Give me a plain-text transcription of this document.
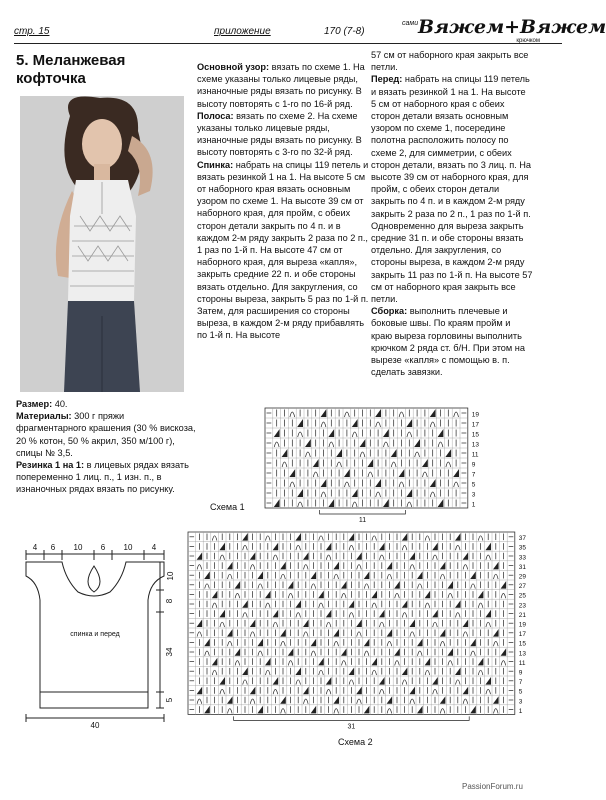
стр. 15	приложение	170 (7-8)
сами Вяжем+Вяжем
крючком
5. Меланжевая кофточка

Основной узор: вязать по схеме 1. На схеме указаны только лицевые ряды, изнаночные ряды вязать по рисунку. В высоту повторять с 1-го по 16-й ряд.

Полоса: вязать по схеме 2. На схеме указаны только лицевые ряды, изнаночные ряды вязать по рисунку. В высоту повторять с 3-го по 32-й ряд.

Спинка: набрать на спицы 119 петель и вязать резинкой 1 на 1. На высоте 5 см от наборного края вязать основным узором по схеме 1. На высоте 39 см от наборного края, для пройм, с обеих сторон детали закрыть по 4 п. и в каждом 2-м ряду закрыть 2 раза по 2 п., 1 раз по 1-й п. На высоте 47 см от наборного края, для выреза «капля», закрыть средние 22 п. и обе стороны вязать отдельно. Для закругления, со стороны выреза, закрыть 5 раз по 1-й п. Затем, для расширения со стороны выреза, в каждом 2-м ряду прибавлять по 1-й п. На высоте

57 см от наборного края закрыть все петли.

Перед: набрать на спицы 119 петель и вязать резинкой 1 на 1. На высоте 5 см от наборного края с обеих сторон детали вязать основным узором по схеме 1, посередине полотна расположить полосу по схеме 2, для симметрии, с обеих сторон детали, вязать по 3 лиц. п. На высоте 39 см от наборного края, для пройм, с обеих сторон детали закрыть по 4 п. и в каждом 2-м ряду закрыть 2 раза по 2 п., 1 раз по 1-й п. Одновременно для выреза закрыть средние 31 п. и обе стороны вязать отдельно. Для закругления, со стороны выреза, в каждом 2-м ряду закрыть 11 раз по 1-й п. На высоте 57 см от наборного края закрыть все петли.

Сборка: выполнить плечевые и боковые швы. По краям пройм и краю выреза горловины выполнить крючком 2 ряда ст. б/Н. При этом на вырезе «капля» с помощью в. п. сделать завязки.

Размер: 40.

Материалы: 300 г пряжи фрагментарного крашения (30 % вискоза, 20 % котон, 50 % акрил, 350 м/100 г), спицы № 3,5.

Резинка 1 на 1: в лицевых рядах вязать попеременно 1 лиц. п., 1 изн. п., в изнаночных рядах вязать по рисунку.

4 6 10 6 10 4
10
8
34
5
40
спинка и перед
Схема 1
19
17
15
13
11
9
7
5
3
1
11
Схема 2
37
35
33
31
29
27
25
23
21
19
17
15
13
11
9
7
5
3
1
31
PassionForum.ru
